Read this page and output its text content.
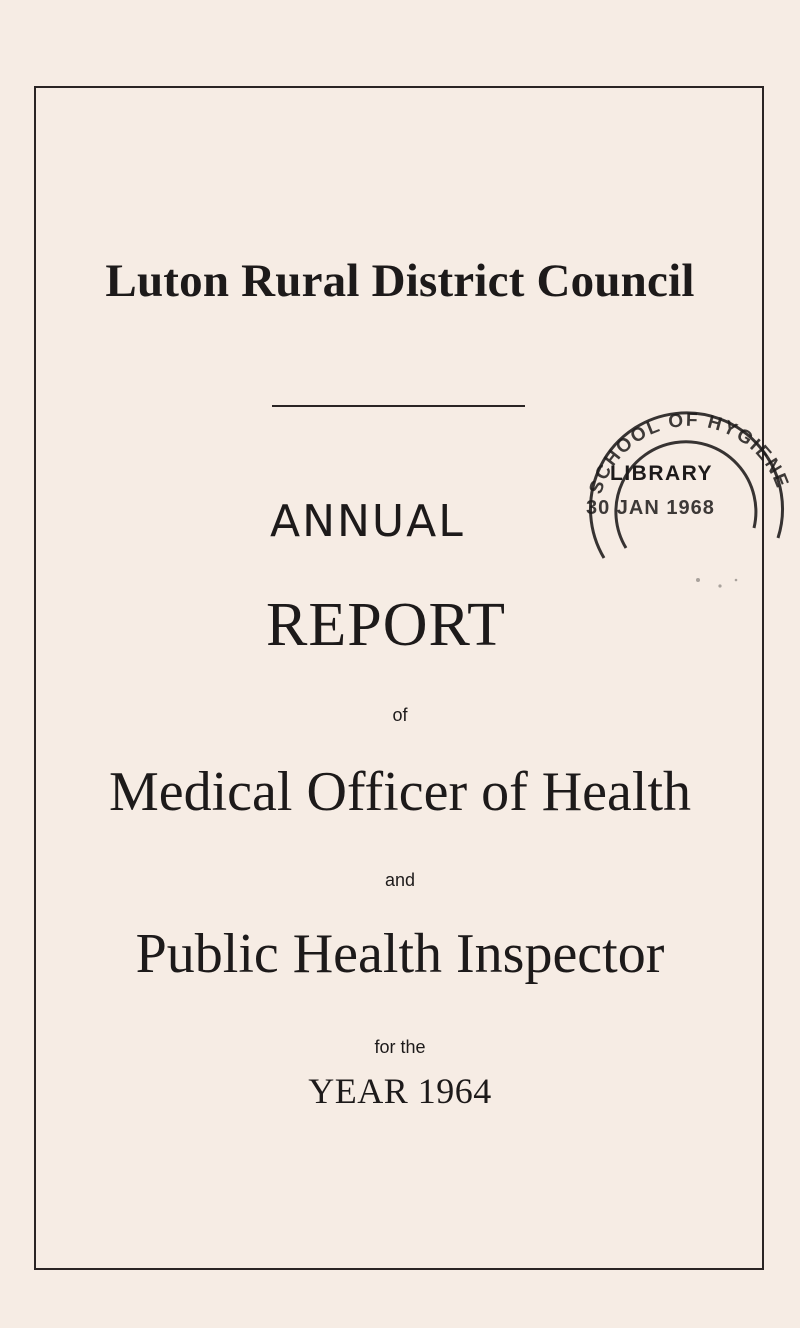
Luton Rural District Council
ANNUAL
REPORT
of
Medical Officer of Health
and
Public Health Inspector
for the
YEAR 1964
SCHOOL OF HYGIENE
LIBRARY
30 JAN 1968
